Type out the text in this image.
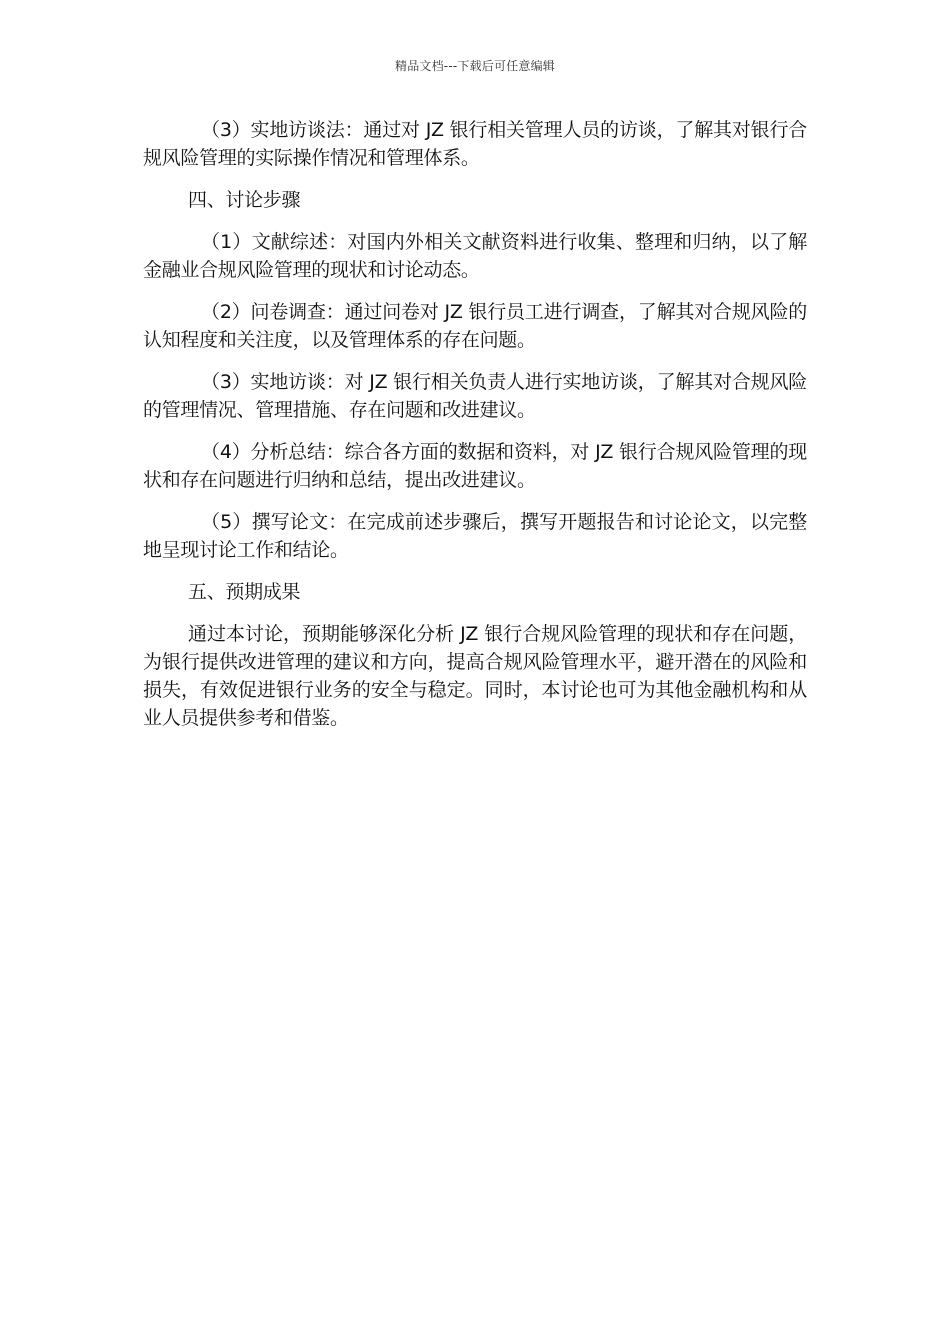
精品文档---下载后可任意编辑

（3）实地访谈法：通过对 JZ 银行相关管理人员的访谈，了解其对银行合规风险管理的实际操作情况和管理体系。

四、讨论步骤

（1）文献综述：对国内外相关文献资料进行收集、整理和归纳，以了解金融业合规风险管理的现状和讨论动态。

（2）问卷调查：通过问卷对 JZ 银行员工进行调查，了解其对合规风险的认知程度和关注度，以及管理体系的存在问题。

（3）实地访谈：对 JZ 银行相关负责人进行实地访谈，了解其对合规风险的管理情况、管理措施、存在问题和改进建议。

（4）分析总结：综合各方面的数据和资料，对 JZ 银行合规风险管理的现状和存在问题进行归纳和总结，提出改进建议。

（5）撰写论文：在完成前述步骤后，撰写开题报告和讨论论文，以完整地呈现讨论工作和结论。

五、预期成果

通过本讨论，预期能够深化分析 JZ 银行合规风险管理的现状和存在问题，为银行提供改进管理的建议和方向，提高合规风险管理水平，避开潜在的风险和损失，有效促进银行业务的安全与稳定。同时，本讨论也可为其他金融机构和从业人员提供参考和借鉴。
